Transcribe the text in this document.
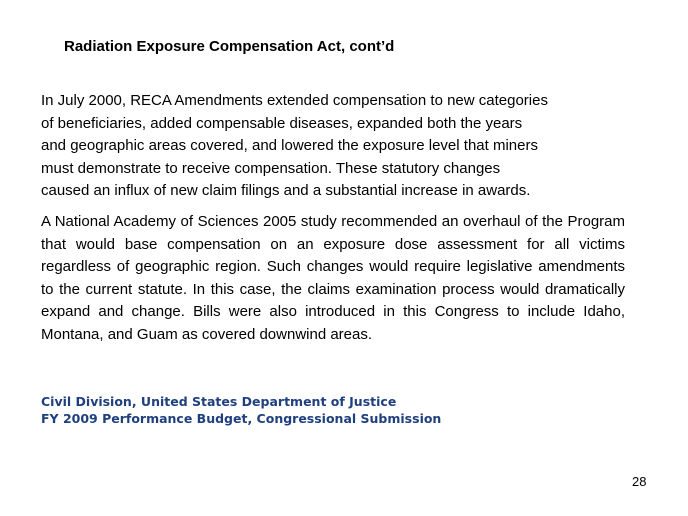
Radiation Exposure Compensation Act, cont’d

In July 2000, RECA Amendments extended compensation to new categories
of beneficiaries, added compensable diseases, expanded both the years
and geographic areas covered, and lowered the exposure level that miners
must demonstrate to receive compensation. These statutory changes
caused an influx of new claim filings and a substantial increase in awards.

A National Academy of Sciences 2005 study recommended an overhaul of the Program that would base compensation on an exposure dose assessment for all victims regardless of geographic region. Such changes would require legislative amendments to the current statute. In this case, the claims examination process would dramatically expand and change. Bills were also introduced in this Congress to include Idaho, Montana, and Guam as covered downwind areas.

Civil Division, United States Department of Justice
FY 2009 Performance Budget, Congressional Submission
28
